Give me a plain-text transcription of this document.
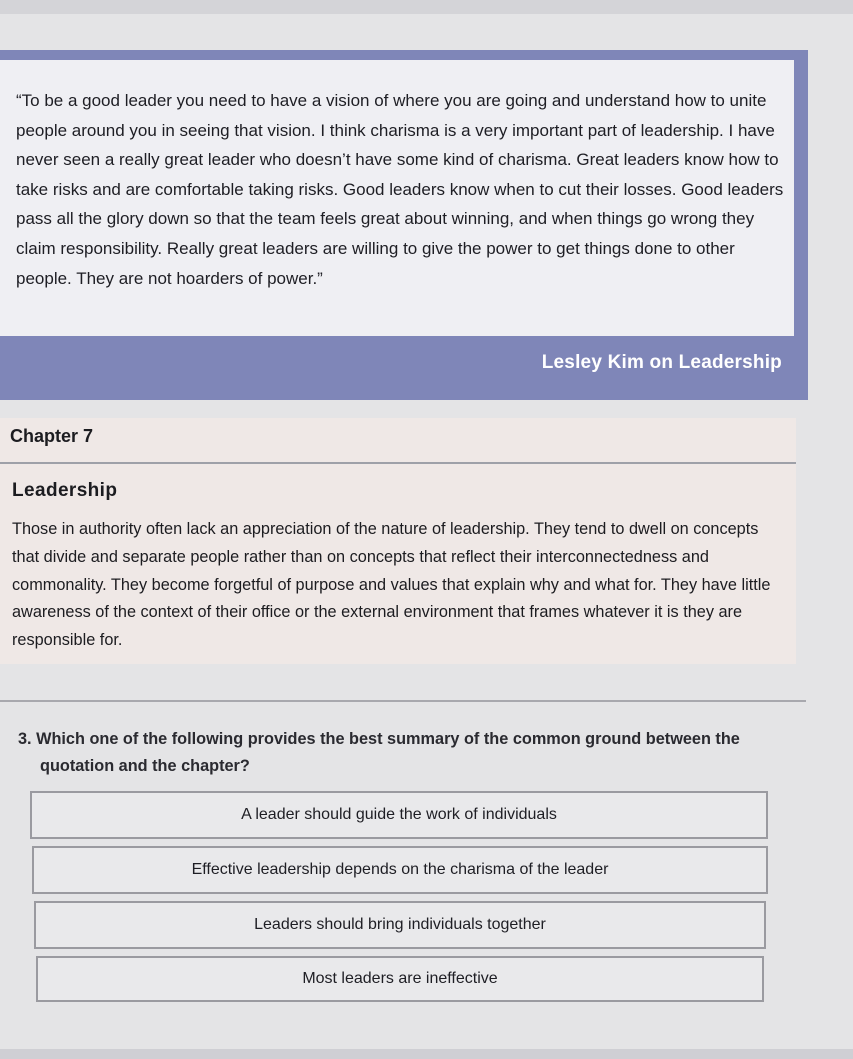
“To be a good leader you need to have a vision of where you are going and understand how to unite people around you in seeing that vision. I think charisma is a very important part of leadership. I have never seen a really great leader who doesn’t have some kind of charisma. Great leaders know how to take risks and are comfortable taking risks. Good leaders know when to cut their losses. Good leaders pass all the glory down so that the team feels great about winning, and when things go wrong they claim responsibility. Really great leaders are willing to give the power to get things done to other people. They are not hoarders of power.”
Lesley Kim on Leadership
Chapter 7
Leadership
Those in authority often lack an appreciation of the nature of leadership. They tend to dwell on concepts that divide and separate people rather than on concepts that reflect their interconnectedness and commonality. They become forgetful of purpose and values that explain why and what for. They have little awareness of the context of their office or the external environment that frames whatever it is they are responsible for.
3. Which one of the following provides the best summary of the common ground between the quotation and the chapter?
A leader should guide the work of individuals
Effective leadership depends on the charisma of the leader
Leaders should bring individuals together
Most leaders are ineffective
